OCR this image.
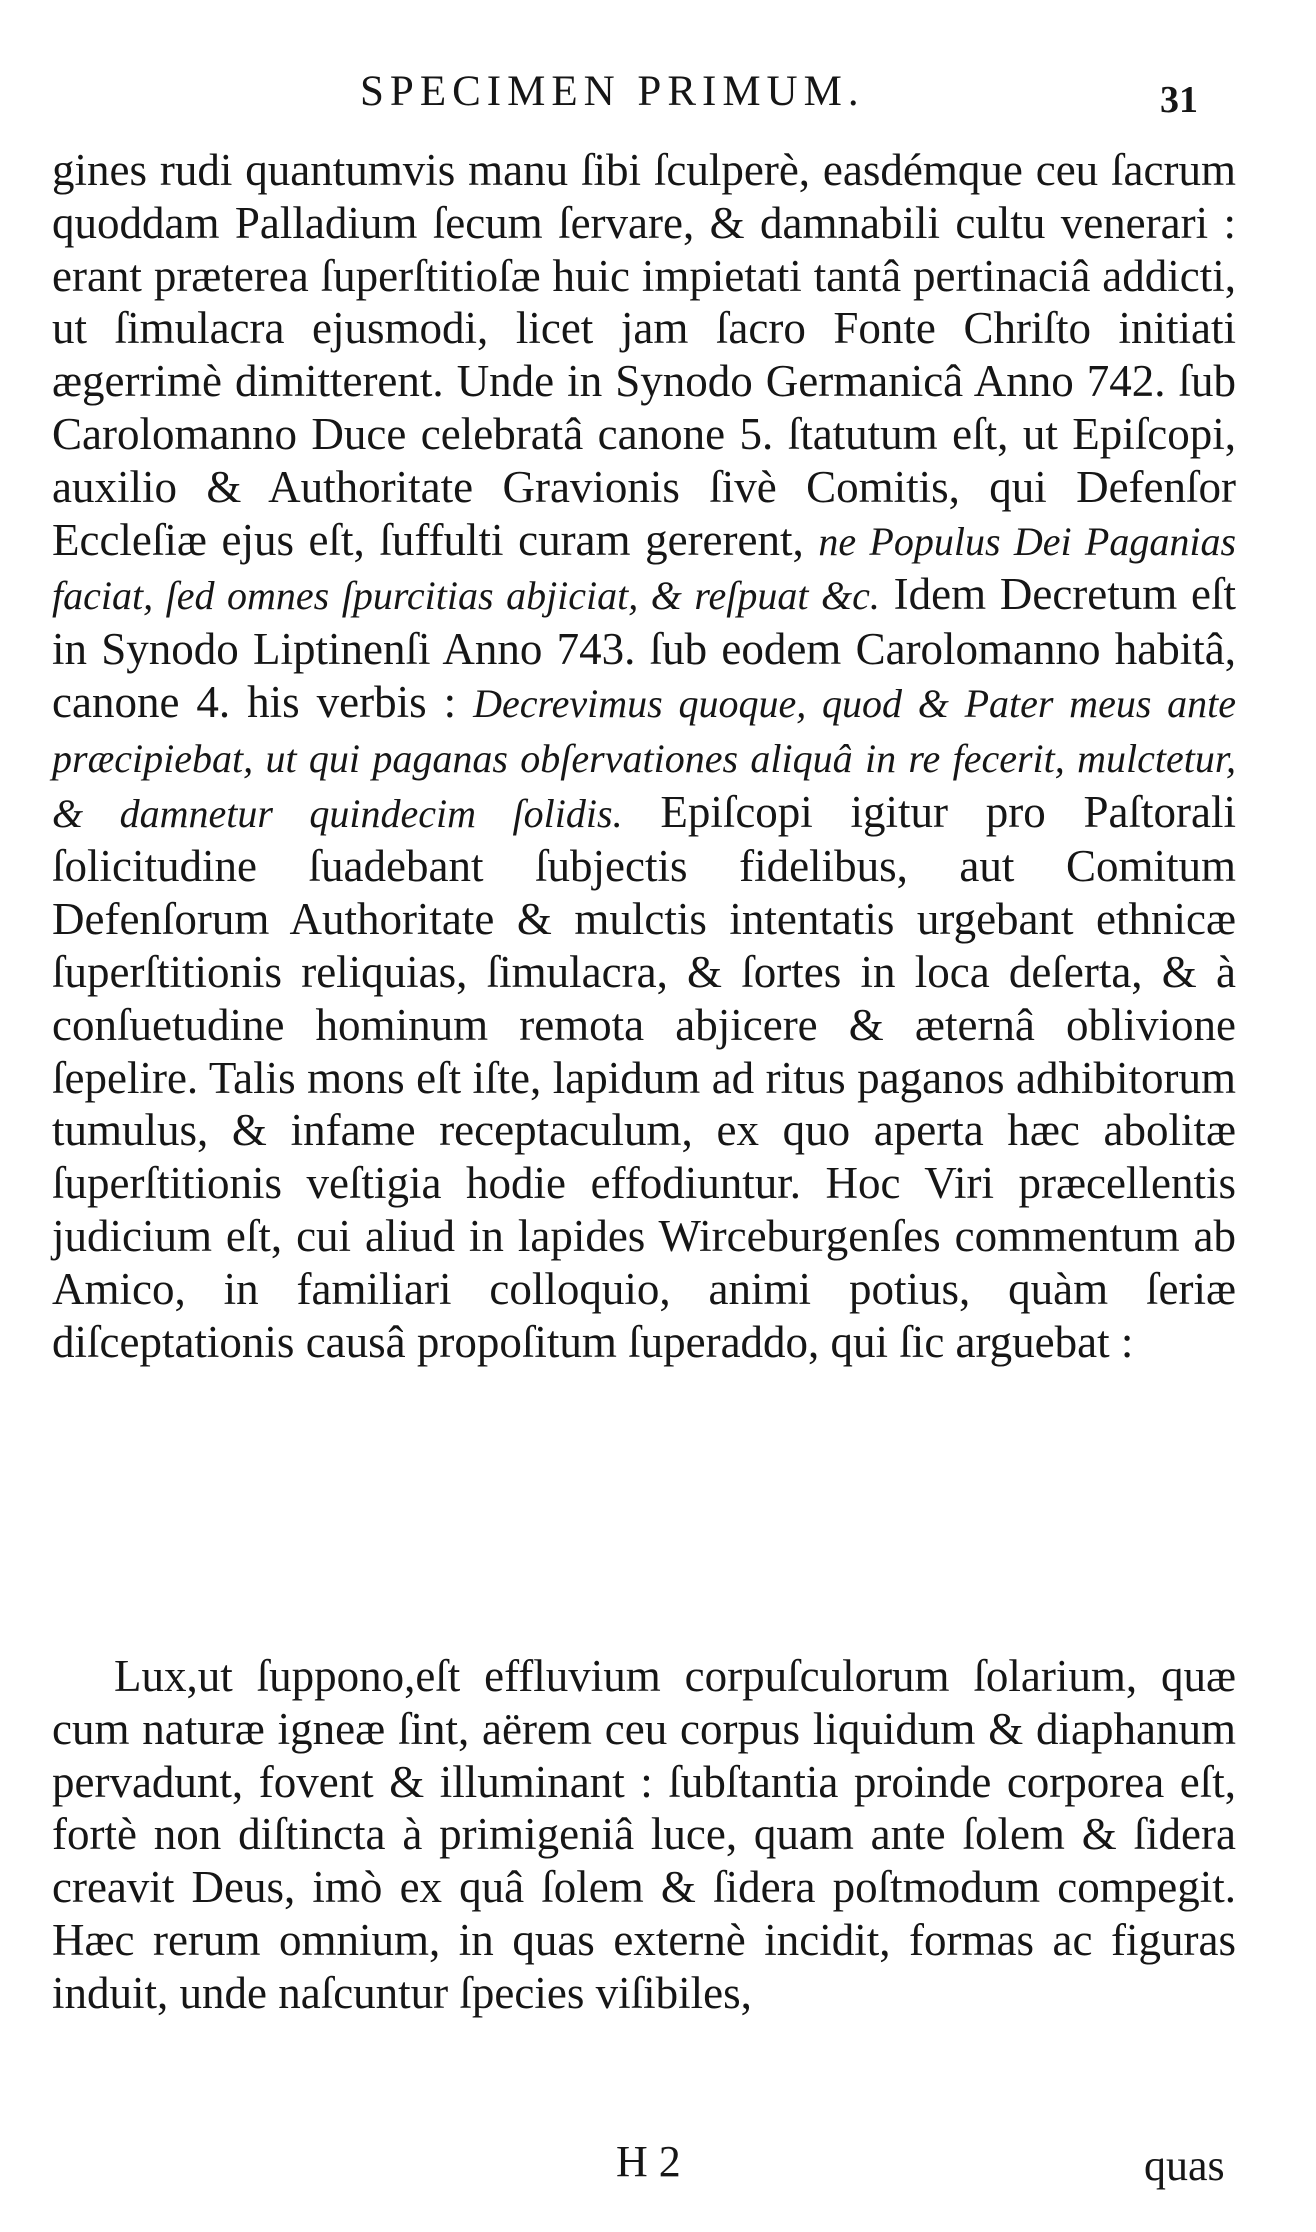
SPECIMEN PRIMUM.	31

gines rudi quantumvis manu ſibi ſculperè, easdémque ceu ſacrum quoddam Palladium ſecum ſervare, & damnabili cultu venerari : erant præterea ſuperſtitioſæ huic impietati tantâ pertinaciâ addicti, ut ſimulacra ejusmodi, licet jam ſacro Fonte Chriſto initiati ægerrimè dimitterent. Unde in Synodo Germanicâ Anno 742. ſub Carolomanno Duce celebratâ canone 5. ſtatutum eſt, ut Epiſcopi, auxilio & Authoritate Gravionis ſivè Comitis, qui Defenſor Eccleſiæ ejus eſt, ſuffulti curam gererent, ne Populus Dei Paganias faciat, ſed omnes ſpurcitias abjiciat, & reſpuat &c. Idem Decretum eſt in Synodo Liptinenſi Anno 743. ſub eodem Carolomanno habitâ, canone 4. his verbis : Decrevimus quoque, quod & Pater meus ante præcipiebat, ut qui paganas obſervationes aliquâ in re fecerit, mulctetur, & damnetur quindecim ſolidis. Epiſcopi igitur pro Paſtorali ſolicitudine ſuadebant ſubjectis fidelibus, aut Comitum Defenſorum Authoritate & mulctis intentatis urgebant ethnicæ ſuperſtitionis reliquias, ſimulacra, & ſortes in loca deſerta, & à conſuetudine hominum remota abjicere & æternâ oblivione ſepelire. Talis mons eſt iſte, lapidum ad ritus paganos adhibitorum tumulus, & infame receptaculum, ex quo aperta hæc abolitæ ſuperſtitionis veſtigia hodie effodiuntur. Hoc Viri præcellentis judicium eſt, cui aliud in lapides Wirceburgenſes commentum ab Amico, in familiari colloquio, animi potius, quàm ſeriæ diſceptationis causâ propoſitum ſuperaddo, qui ſic arguebat :

Lux,ut ſuppono,eſt effluvium corpuſculorum ſolarium, quæ cum naturæ igneæ ſint, aërem ceu corpus liquidum & diaphanum pervadunt, fovent & illuminant : ſubſtantia proinde corporea eſt, fortè non diſtincta à primigeniâ luce, quam ante ſolem & ſidera creavit Deus, imò ex quâ ſolem & ſidera poſtmodum compegit. Hæc rerum omnium, in quas externè incidit, formas ac figuras induit, unde naſcuntur ſpecies viſibiles,

H 2	quas
